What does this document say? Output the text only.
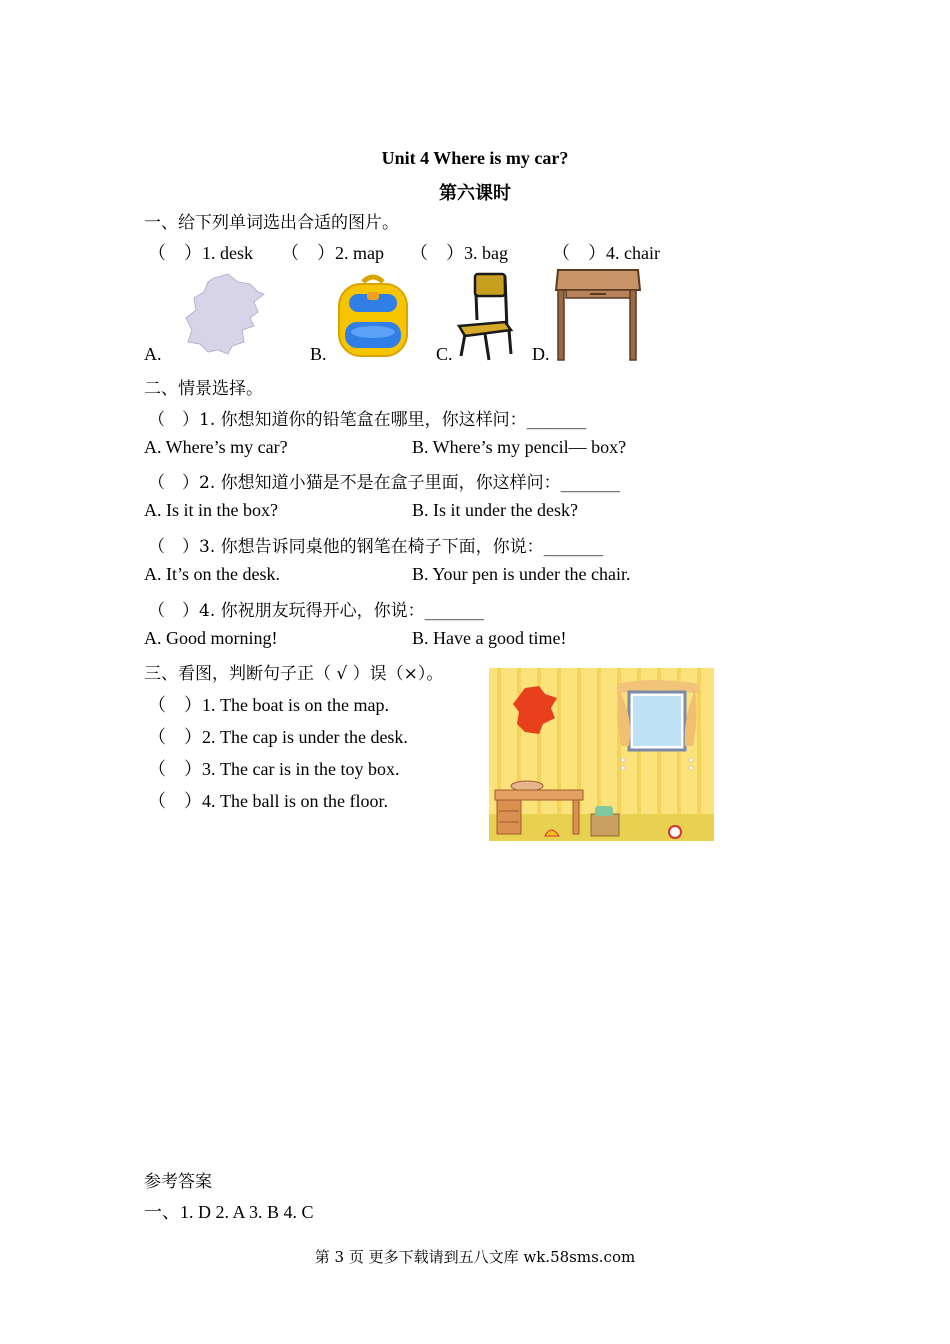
Unit 4 Where is my car?
第六课时
一、给下列单词选出合适的图片。
（　）1. desk （　）2. map （　）3. bag （　）4. chair
A.	B.	C.	D.
二、情景选择。
（　）1. 你想知道你的铅笔盒在哪里，你这样问：_______
A. Where’s my car?	B. Where’s my pencil— box?
（　）2. 你想知道小猫是不是在盒子里面，你这样问：_______
A. Is it in the box?	B. Is it under the desk?
（　）3. 你想告诉同桌他的钢笔在椅子下面，你说：_______
A. It’s on the desk.	B. Your pen is under the chair.
（　）4. 你祝朋友玩得开心，你说：_______
A. Good morning!	B. Have a good time!
三、看图，判断句子正（ √ ）误（×）。
（　）1. The boat is on the map.
（　）2. The cap is under the desk.
（　）3. The car is in the toy box.
（　）4. The ball is on the floor.
参考答案
一、1. D 2. A 3. B 4. C
第 3 页 更多下载请到五八文库 wk.58sms.com
